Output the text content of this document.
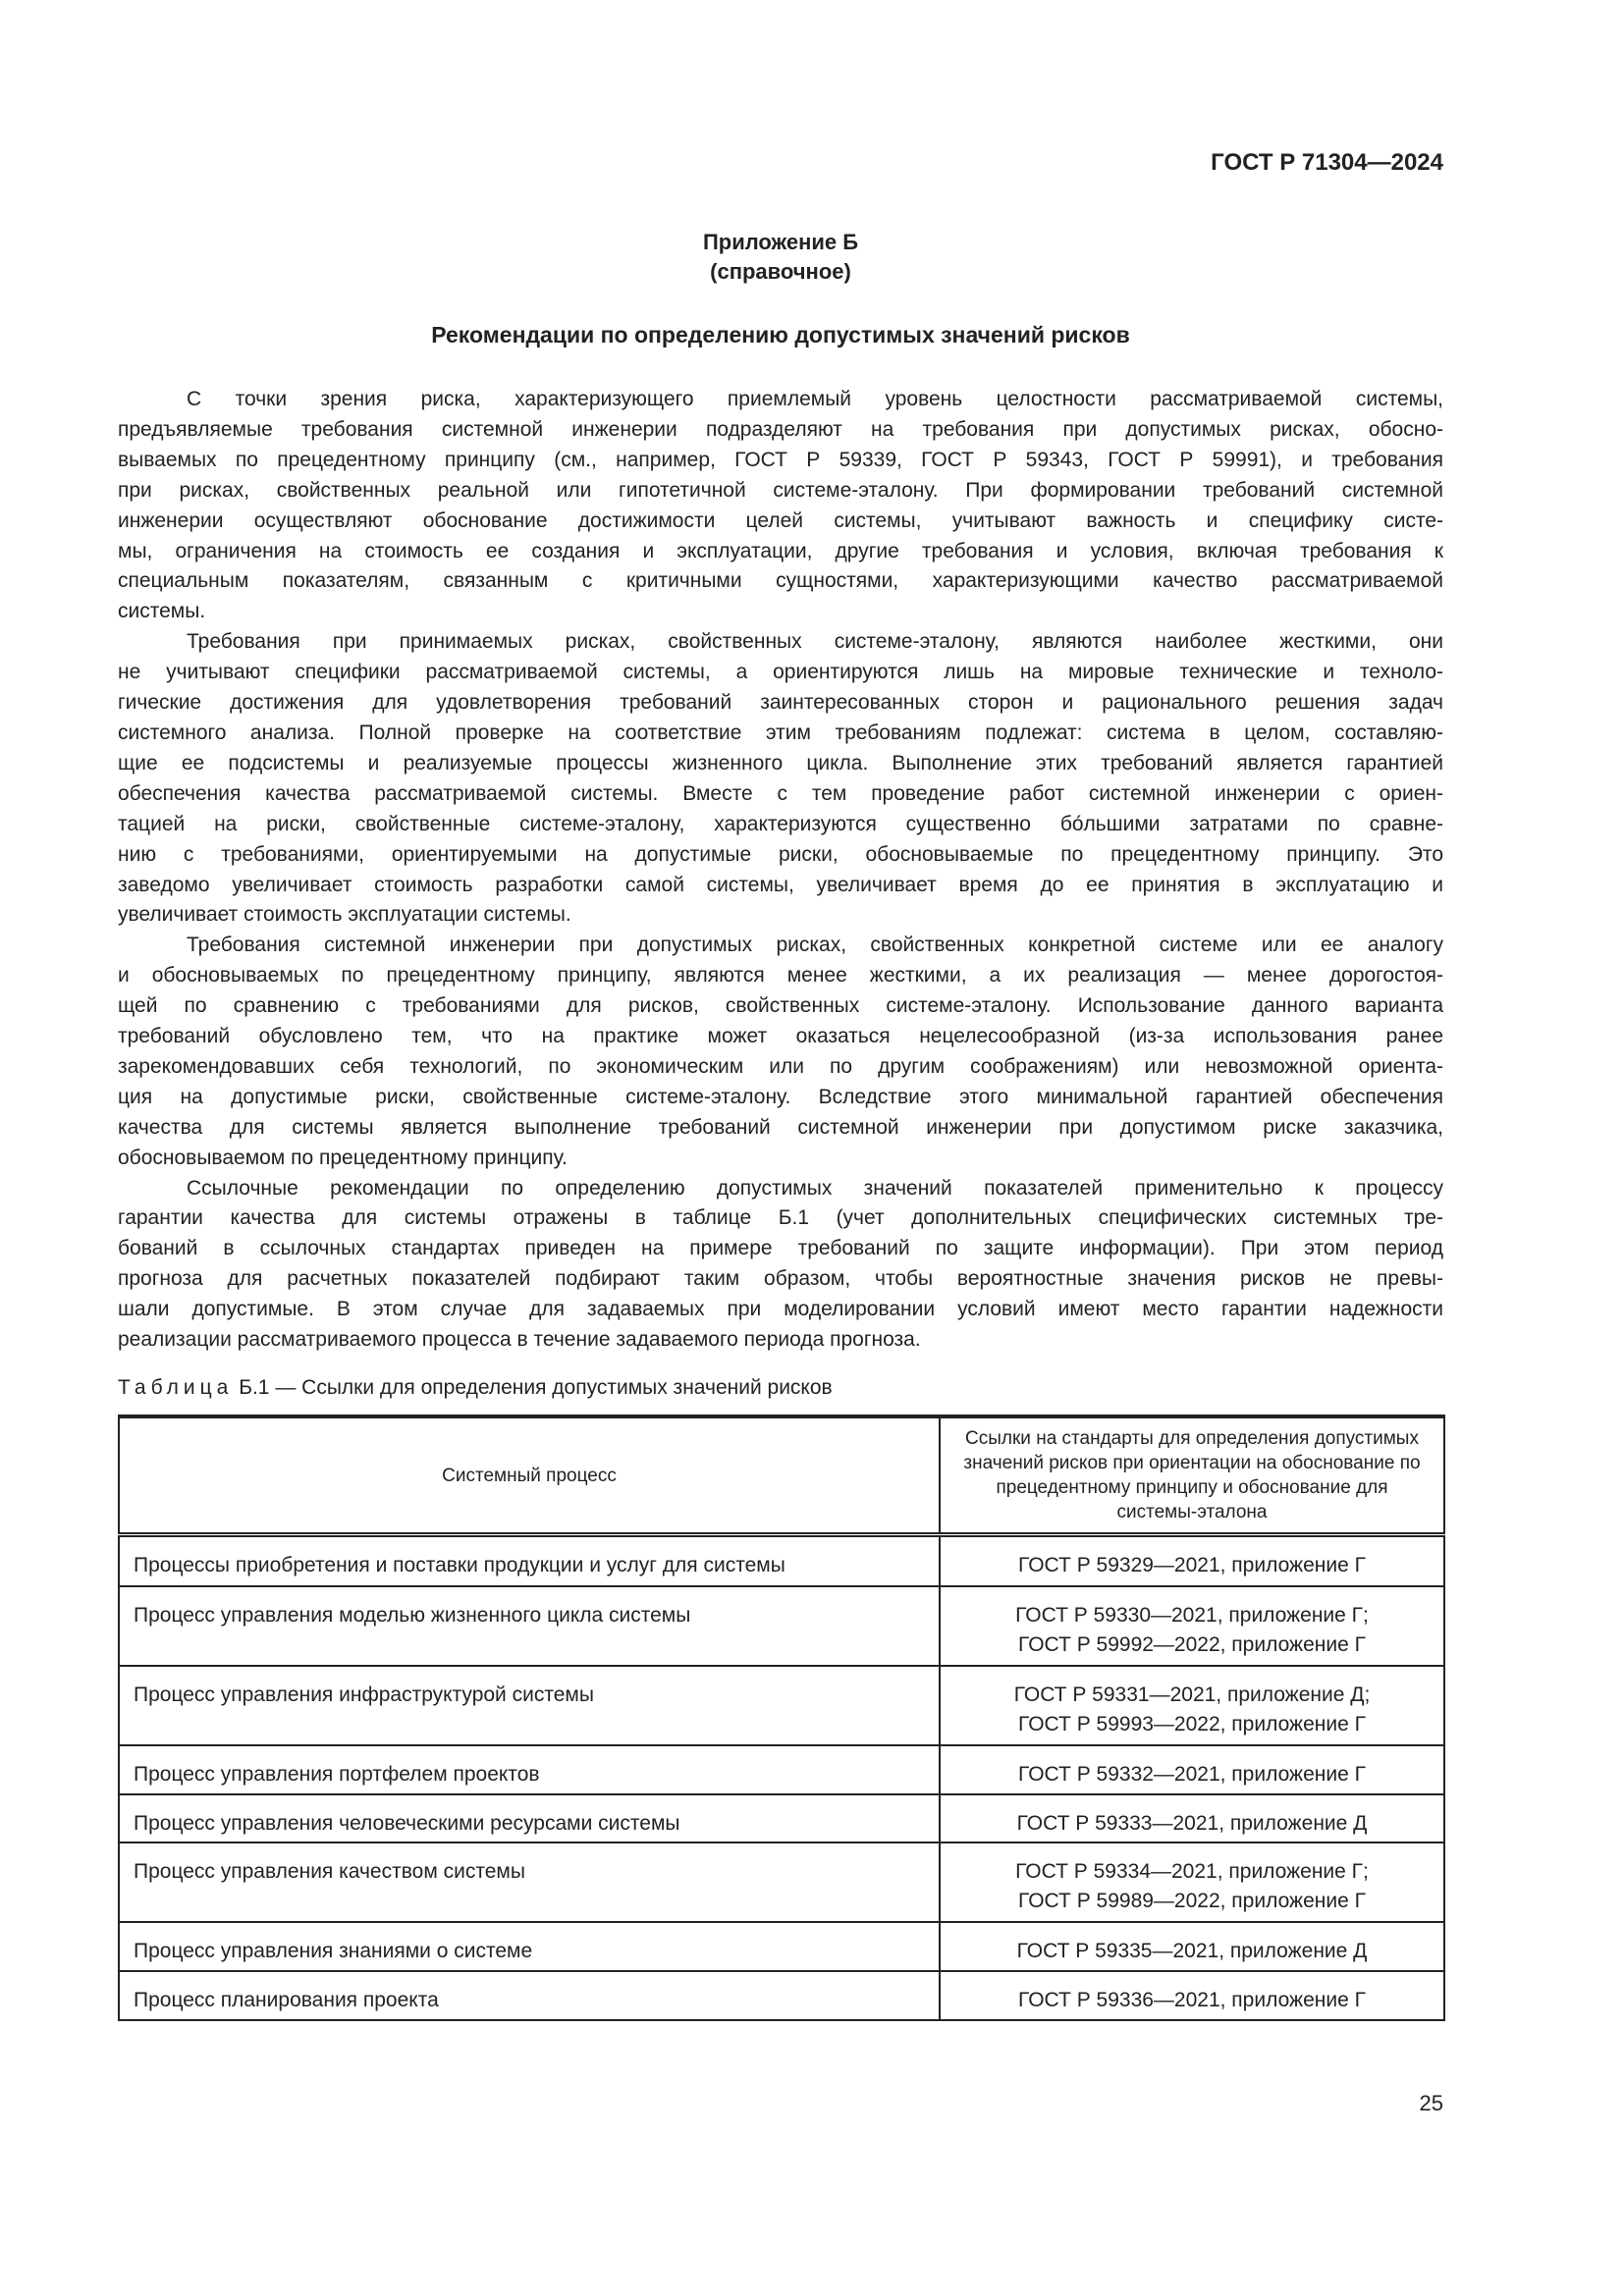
ГОСТ Р 71304—2024
Приложение Б
(справочное)
Рекомендации по определению допустимых значений рисков
С точки зрения риска, характеризующего приемлемый уровень целостности рассматриваемой системы,
предъявляемые требования системной инженерии подразделяют на требования при допустимых рисках, обосно-
вываемых по прецедентному принципу (см., например, ГОСТ Р 59339, ГОСТ Р 59343, ГОСТ Р 59991), и требования
при рисках, свойственных реальной или гипотетичной системе-эталону. При формировании требований системной
инженерии осуществляют обоснование достижимости целей системы, учитывают важность и специфику систе-
мы, ограничения на стоимость ее создания и эксплуатации, другие требования и условия, включая требования к
специальным показателям, связанным с критичными сущностями, характеризующими качество рассматриваемой
системы.
Требования при принимаемых рисках, свойственных системе-эталону, являются наиболее жесткими, они
не учитывают специфики рассматриваемой системы, а ориентируются лишь на мировые технические и техноло-
гические достижения для удовлетворения требований заинтересованных сторон и рационального решения задач
системного анализа. Полной проверке на соответствие этим требованиям подлежат: система в целом, составляю-
щие ее подсистемы и реализуемые процессы жизненного цикла. Выполнение этих требований является гарантией
обеспечения качества рассматриваемой системы. Вместе с тем проведение работ системной инженерии с ориен-
тацией на риски, свойственные системе-эталону, характеризуются существенно бо́льшими затратами по сравне-
нию с требованиями, ориентируемыми на допустимые риски, обосновываемые по прецедентному принципу. Это
заведомо увеличивает стоимость разработки самой системы, увеличивает время до ее принятия в эксплуатацию и
увеличивает стоимость эксплуатации системы.
Требования системной инженерии при допустимых рисках, свойственных конкретной системе или ее аналогу
и обосновываемых по прецедентному принципу, являются менее жесткими, а их реализация — менее дорогостоя-
щей по сравнению с требованиями для рисков, свойственных системе-эталону. Использование данного варианта
требований обусловлено тем, что на практике может оказаться нецелесообразной (из-за использования ранее
зарекомендовавших себя технологий, по экономическим или по другим соображениям) или невозможной ориента-
ция на допустимые риски, свойственные системе-эталону. Вследствие этого минимальной гарантией обеспечения
качества для системы является выполнение требований системной инженерии при допустимом риске заказчика,
обосновываемом по прецедентному принципу.
Ссылочные рекомендации по определению допустимых значений показателей применительно к процессу
гарантии качества для системы отражены в таблице Б.1 (учет дополнительных специфических системных тре-
бований в ссылочных стандартах приведен на примере требований по защите информации). При этом период
прогноза для расчетных показателей подбирают таким образом, чтобы вероятностные значения рисков не превы-
шали допустимые. В этом случае для задаваемых при моделировании условий имеют место гарантии надежности
реализации рассматриваемого процесса в течение задаваемого периода прогноза.
Таблица Б.1 — Ссылки для определения допустимых значений рисков
Системный процесс	Ссылки на стандарты для определения допустимых значений рисков при ориентации на обоснование по прецедентному принципу и обоснование для системы-эталона
Процессы приобретения и поставки продукции и услуг для системы	ГОСТ Р 59329—2021, приложение Г

Процесс управления моделью жизненного цикла системы	ГОСТ Р 59330—2021, приложение Г;
ГОСТ Р 59992—2022, приложение Г

Процесс управления инфраструктурой системы	ГОСТ Р 59331—2021, приложение Д;
ГОСТ Р 59993—2022, приложение Г

Процесс управления портфелем проектов	ГОСТ Р 59332—2021, приложение Г

Процесс управления человеческими ресурсами системы	ГОСТ Р 59333—2021, приложение Д

Процесс управления качеством системы	ГОСТ Р 59334—2021, приложение Г;
ГОСТ Р 59989—2022, приложение Г

Процесс управления знаниями о системе	ГОСТ Р 59335—2021, приложение Д

Процесс планирования проекта	ГОСТ Р 59336—2021, приложение Г
25
